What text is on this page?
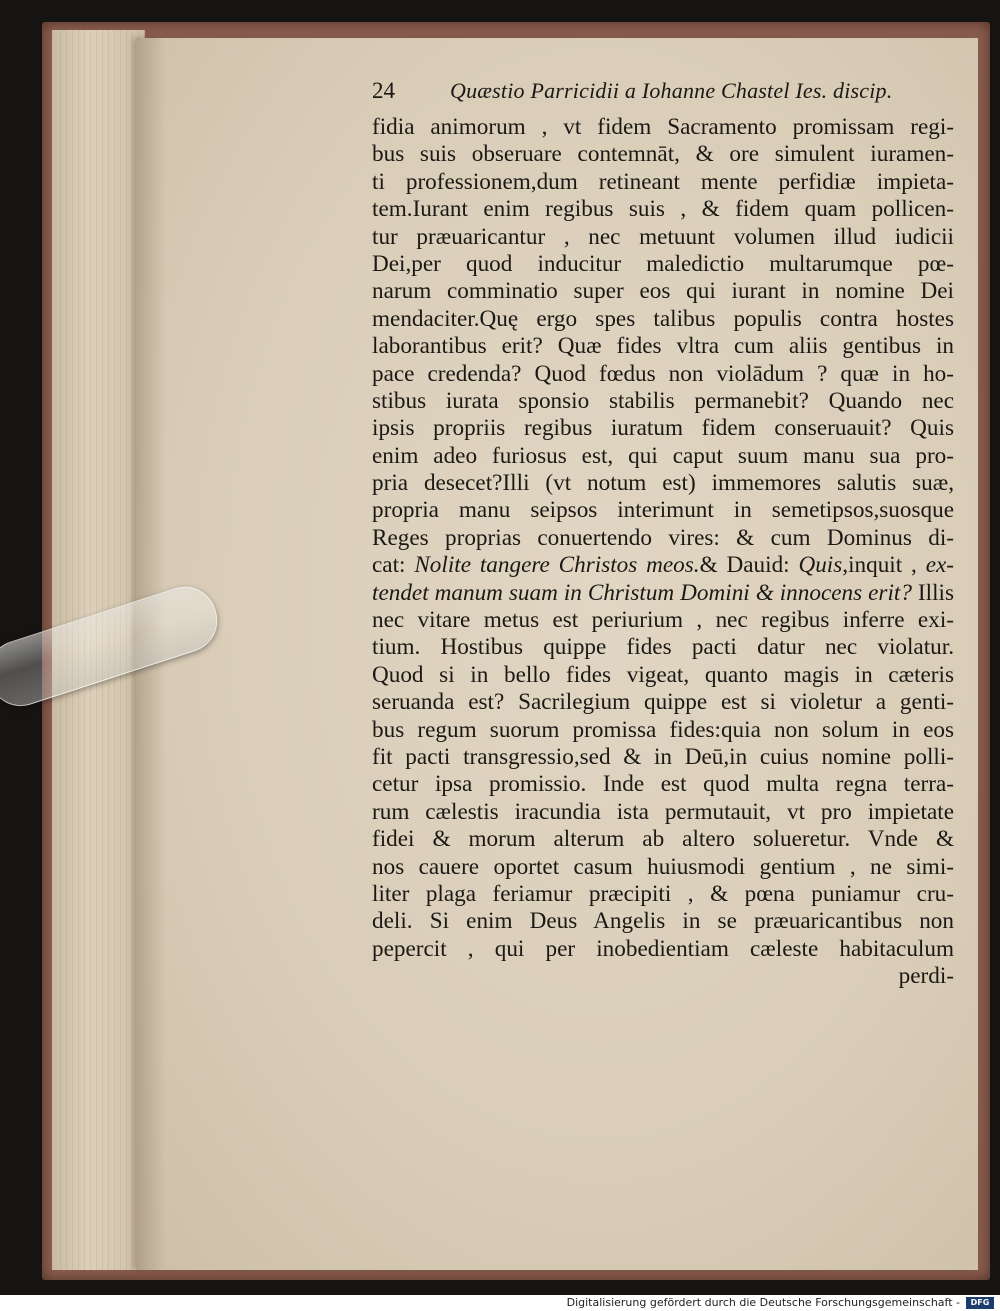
24	Quæstio Parricidii a Iohanne Chastel Ies. discip.
fidia animorum , vt fidem Sacramento promissam regi-
bus suis obseruare contemnāt, & ore simulent iuramen-
ti professionem,dum retineant mente perfidiæ impieta-
tem.Iurant enim regibus suis , & fidem quam pollicen-
tur præuaricantur , nec metuunt volumen illud iudicii
Dei,per quod inducitur maledictio multarumque pœ-
narum comminatio super eos qui iurant in nomine Dei
mendaciter.Quę ergo spes talibus populis contra hostes
laborantibus erit? Quæ fides vltra cum aliis gentibus in
pace credenda? Quod fœdus non violādum ? quæ in ho-
stibus iurata sponsio stabilis permanebit? Quando nec
ipsis propriis regibus iuratum fidem conseruauit? Quis
enim adeo furiosus est, qui caput suum manu sua pro-
pria desecet?Illi (vt notum est) immemores salutis suæ,
propria manu seipsos interimunt in semetipsos,suosque
Reges proprias conuertendo vires: & cum Dominus di-
cat: Nolite tangere Christos meos.& Dauid: Quis,inquit , ex-
tendet manum suam in Christum Domini & innocens erit? Illis
nec vitare metus est periurium , nec regibus inferre exi-
tium. Hostibus quippe fides pacti datur nec violatur.
Quod si in bello fides vigeat, quanto magis in cæteris
seruanda est? Sacrilegium quippe est si violetur a genti-
bus regum suorum promissa fides:quia non solum in eos
fit pacti transgressio,sed & in Deū,in cuius nomine polli-
cetur ipsa promissio. Inde est quod multa regna terra-
rum cælestis iracundia ista permutauit, vt pro impietate
fidei & morum alterum ab altero solueretur. Vnde &
nos cauere oportet casum huiusmodi gentium , ne simi-
liter plaga feriamur præcipiti , & pœna puniamur cru-
deli. Si enim Deus Angelis in se præuaricantibus non
pepercit , qui per inobedientiam cæleste habitaculum
perdi-
Digitalisierung gefördert durch die Deutsche Forschungsgemeinschaft -	DFG
